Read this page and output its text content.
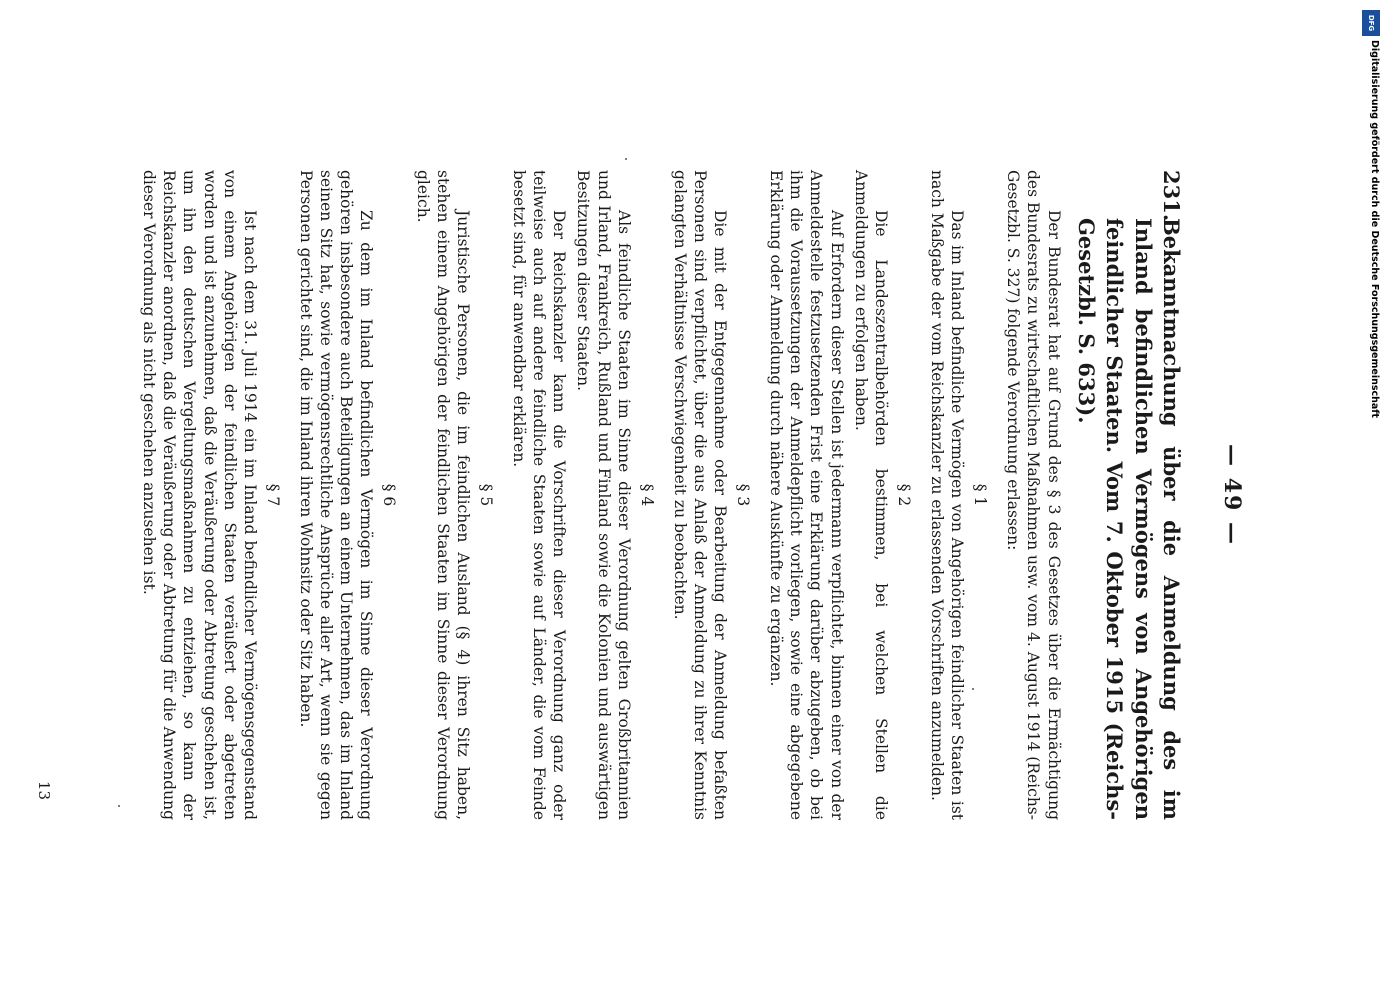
— 49 —
231.Bekanntmachung über die Anmeldung des im Inland befindlichen Vermögens von Angehörigen feindlicher Staaten. Vom 7. Oktober 1915 (Reichs-Gesetzbl. S. 633).

Der Bundesrat hat auf Grund des § 3 des Gesetzes über die Ermächtigung des Bundesrats zu wirtschaftlichen Maßnahmen usw. vom 4. August 1914 (Reichs-Gesetzbl. S. 327) folgende Verordnung erlassen:

§ 1

Das im Inland befindliche Vermögen von Angehörigen feindlicher Staaten ist nach Maßgabe der vom Reichskanzler zu erlassenden Vorschriften anzumelden.

§ 2

Die Landeszentralbehörden bestimmen, bei welchen Stellen die Anmeldungen zu erfolgen haben.

Auf Erfordern dieser Stellen ist jedermann verpflichtet, binnen einer von der Anmeldestelle festzusetzenden Frist eine Erklärung darüber abzugeben, ob bei ihm die Voraussetzungen der Anmeldepflicht vorliegen, sowie eine abgegebene Erklärung oder Anmeldung durch nähere Auskünfte zu ergänzen.

§ 3

Die mit der Entgegennahme oder Bearbeitung der Anmeldung befaßten Personen sind verpflichtet, über die aus Anlaß der Anmeldung zu ihrer Kenntnis gelangten Verhältnisse Verschwiegenheit zu beobachten.

§ 4

Als feindliche Staaten im Sinne dieser Verordnung gelten Großbritannien und Irland, Frankreich, Rußland und Finland sowie die Kolonien und auswärtigen Besitzungen dieser Staaten.

Der Reichskanzler kann die Vorschriften dieser Verordnung ganz oder teilweise auch auf andere feindliche Staaten sowie auf Länder, die vom Feinde besetzt sind, für anwendbar erklären.

§ 5

Juristische Personen, die im feindlichen Ausland (§ 4) ihren Sitz haben, stehen einem Angehörigen der feindlichen Staaten im Sinne dieser Verordnung gleich.

§ 6

Zu dem im Inland befindlichen Vermögen im Sinne dieser Verordnung gehören insbesondere auch Beteiligungen an einem Unternehmen, das im Inland seinen Sitz hat, sowie vermögensrechtliche Ansprüche aller Art, wenn sie gegen Personen gerichtet sind, die im Inland ihren Wohnsitz oder Sitz haben.

§ 7

Ist nach dem 31. Juli 1914 ein im Inland befindlicher Vermögensgegenstand von einem Angehörigen der feindlichen Staaten veräußert oder abgetreten worden und ist anzunehmen, daß die Veräußerung oder Abtretung geschehen ist, um ihn den deutschen Vergeltungsmaßnahmen zu entziehen, so kann der Reichskanzler anordnen, daß die Veräußerung oder Abtretung für die Anwendung dieser Verordnung als nicht geschehen anzusehen ist.

13
DFG
Digitalisierung gefördert durch die Deutsche Forschungsgemeinschaft
